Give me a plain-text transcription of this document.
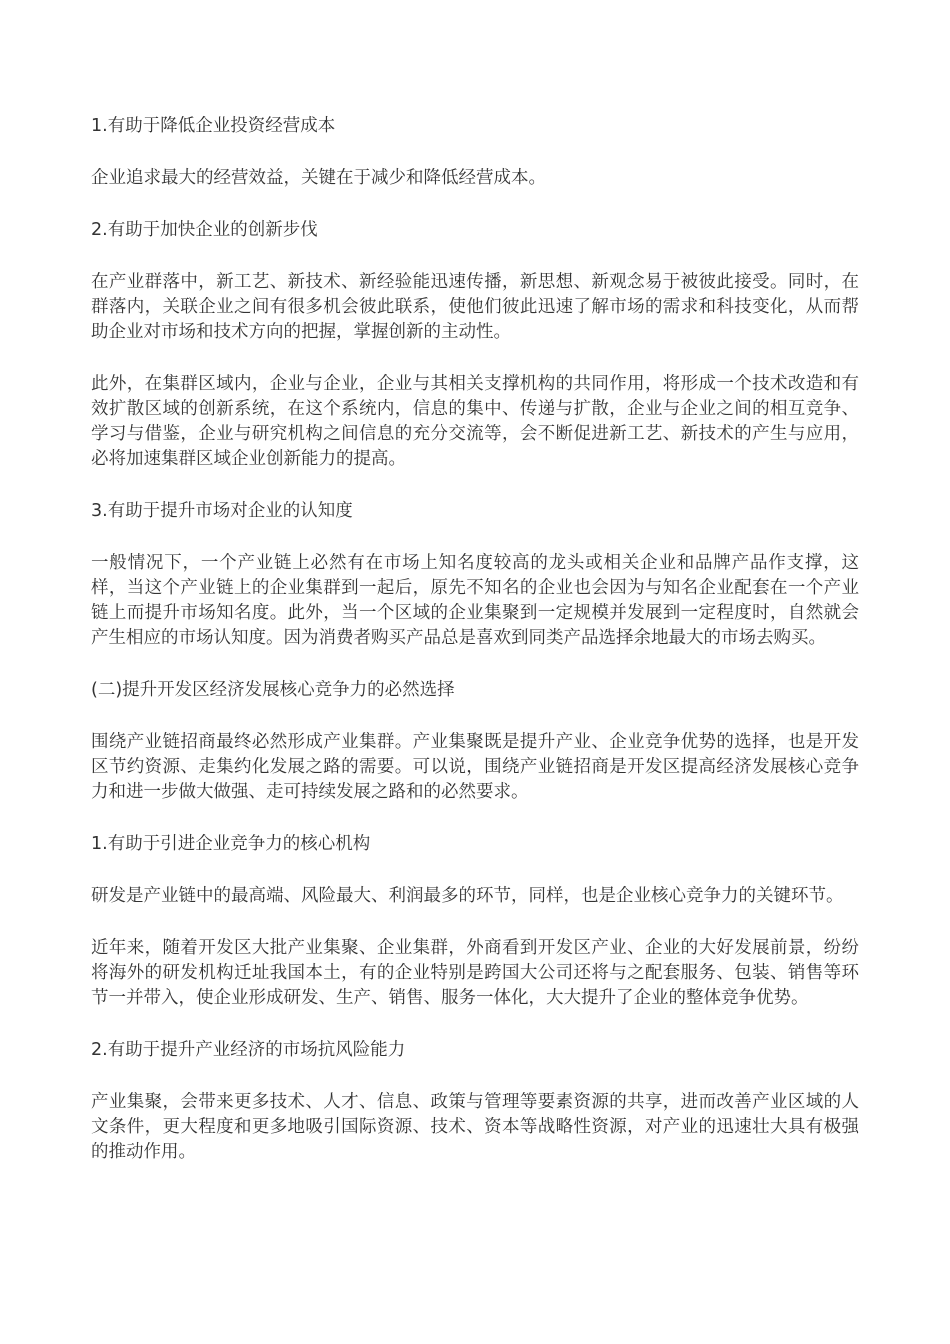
1.有助于降低企业投资经营成本
企业追求最大的经营效益，关键在于减少和降低经营成本。
2.有助于加快企业的创新步伐
在产业群落中，新工艺、新技术、新经验能迅速传播，新思想、新观念易于被彼此接受。同时，在群落内，关联企业之间有很多机会彼此联系，使他们彼此迅速了解市场的需求和科技变化，从而帮助企业对市场和技术方向的把握，掌握创新的主动性。
此外，在集群区域内，企业与企业，企业与其相关支撑机构的共同作用，将形成一个技术改造和有效扩散区域的创新系统，在这个系统内，信息的集中、传递与扩散，企业与企业之间的相互竞争、学习与借鉴，企业与研究机构之间信息的充分交流等，会不断促进新工艺、新技术的产生与应用，必将加速集群区域企业创新能力的提高。
3.有助于提升市场对企业的认知度
一般情况下，一个产业链上必然有在市场上知名度较高的龙头或相关企业和品牌产品作支撑，这样，当这个产业链上的企业集群到一起后，原先不知名的企业也会因为与知名企业配套在一个产业链上而提升市场知名度。此外，当一个区域的企业集聚到一定规模并发展到一定程度时，自然就会产生相应的市场认知度。因为消费者购买产品总是喜欢到同类产品选择余地最大的市场去购买。
(二)提升开发区经济发展核心竞争力的必然选择
围绕产业链招商最终必然形成产业集群。产业集聚既是提升产业、企业竞争优势的选择，也是开发区节约资源、走集约化发展之路的需要。可以说，围绕产业链招商是开发区提高经济发展核心竞争力和进一步做大做强、走可持续发展之路和的必然要求。
1.有助于引进企业竞争力的核心机构
研发是产业链中的最高端、风险最大、利润最多的环节，同样，也是企业核心竞争力的关键环节。
近年来，随着开发区大批产业集聚、企业集群，外商看到开发区产业、企业的大好发展前景，纷纷将海外的研发机构迁址我国本土，有的企业特别是跨国大公司还将与之配套服务、包装、销售等环节一并带入，使企业形成研发、生产、销售、服务一体化，大大提升了企业的整体竞争优势。
2.有助于提升产业经济的市场抗风险能力
产业集聚，会带来更多技术、人才、信息、政策与管理等要素资源的共享，进而改善产业区域的人文条件，更大程度和更多地吸引国际资源、技术、资本等战略性资源，对产业的迅速壮大具有极强的推动作用。
